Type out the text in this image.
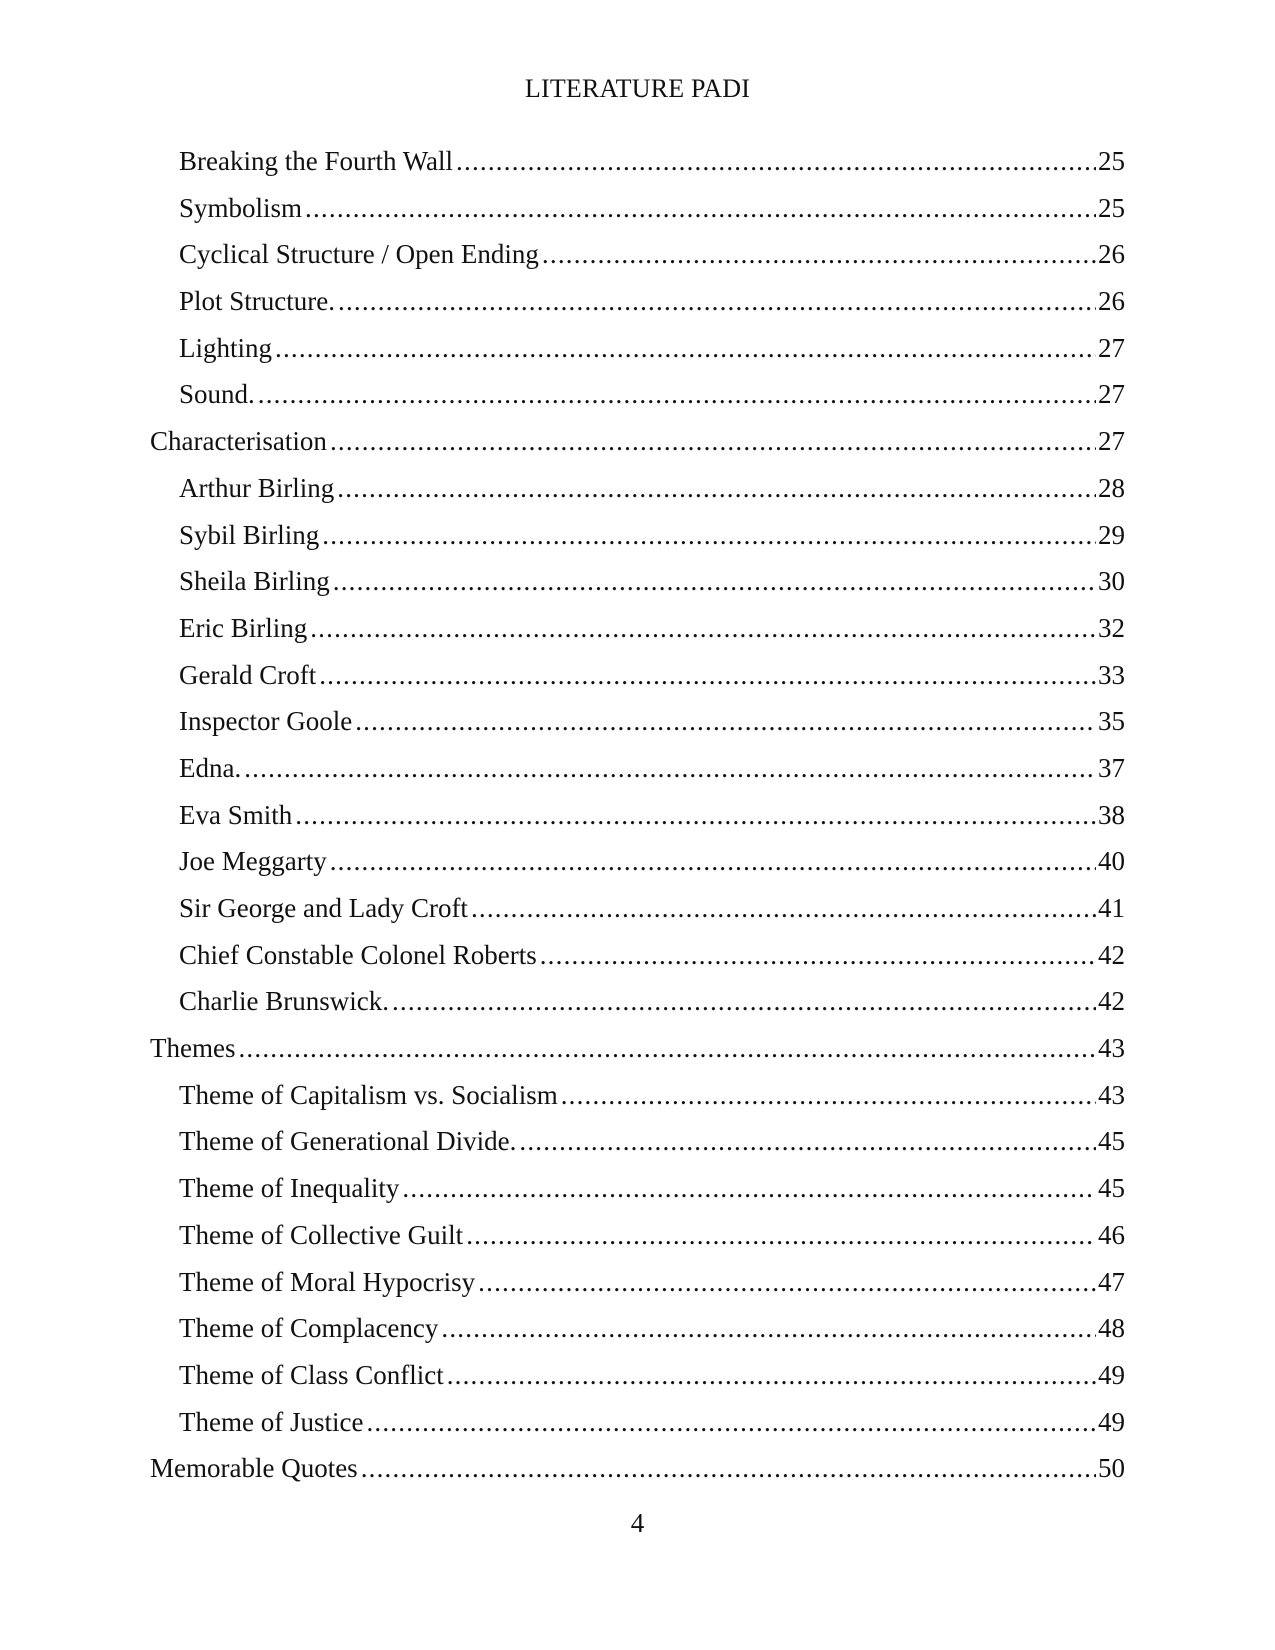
LITERATURE PADI
Breaking the Fourth Wall .....	25
Symbolism .....	25
Cyclical Structure / Open Ending .....	26
Plot Structure. .....	26
Lighting .....	27
Sound. .....	27
Characterisation .....	27
Arthur Birling .....	28
Sybil Birling .....	29
Sheila Birling .....	30
Eric Birling .....	32
Gerald Croft .....	33
Inspector Goole .....	35
Edna. .....	37
Eva Smith .....	38
Joe Meggarty .....	40
Sir George and Lady Croft .....	41
Chief Constable Colonel Roberts .....	42
Charlie Brunswick. .....	42
Themes .....	43
Theme of Capitalism vs. Socialism .....	43
Theme of Generational Divide. .....	45
Theme of Inequality .....	45
Theme of Collective Guilt .....	46
Theme of Moral Hypocrisy .....	47
Theme of Complacency .....	48
Theme of Class Conflict .....	49
Theme of Justice .....	49
Memorable Quotes .....	50
4
